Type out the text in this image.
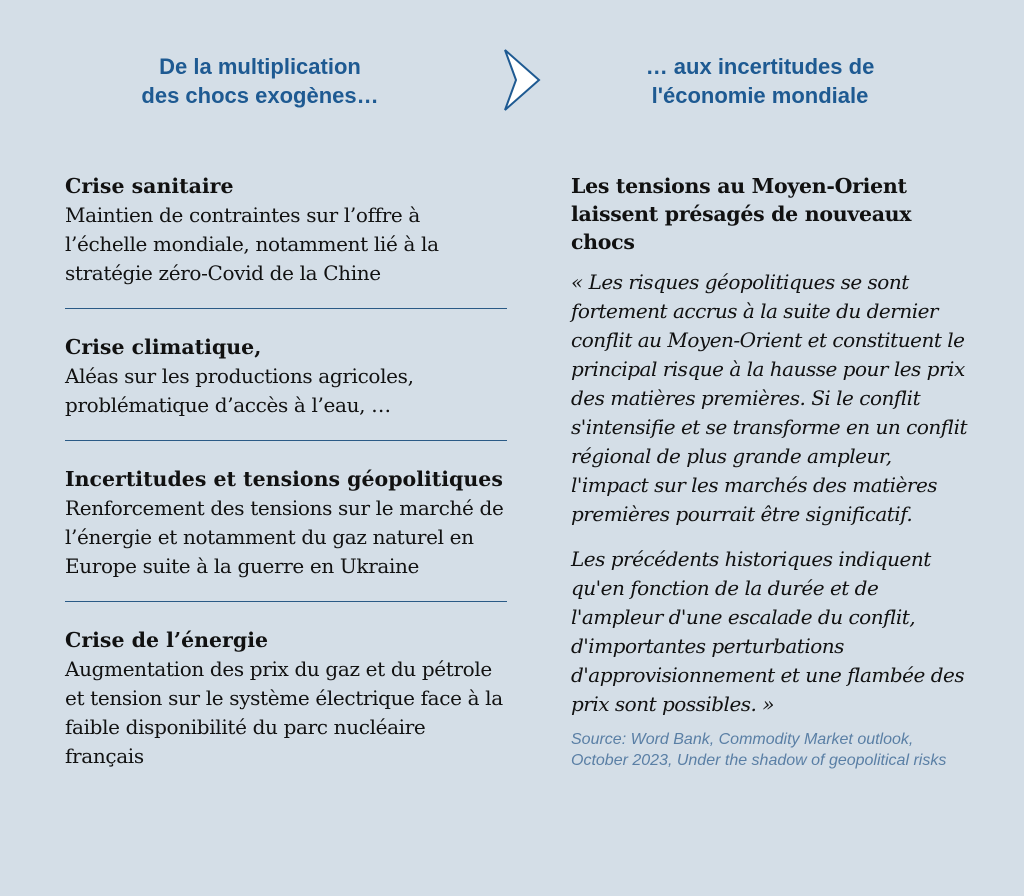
De la multiplication
des chocs exogènes…
… aux incertitudes de
l'économie mondiale
Crise sanitaire
Maintien de contraintes sur l’offre à l’échelle mondiale, notamment lié à la stratégie zéro-Covid de la Chine
Crise climatique,
Aléas sur les productions agricoles, problématique d’accès à l’eau, …
Incertitudes et tensions géopolitiques
Renforcement des tensions sur le marché de l’énergie et notamment du gaz naturel en Europe suite à la guerre en Ukraine
Crise de l’énergie
Augmentation des prix du gaz et du pétrole et tension sur le système électrique face à la faible disponibilité du parc nucléaire français
Les tensions au Moyen-Orient laissent présagés de nouveaux chocs
« Les risques géopolitiques se sont fortement accrus à la suite du dernier conflit au Moyen-Orient et constituent le principal risque à la hausse pour les prix des matières premières. Si le conflit s'intensifie et se transforme en un conflit régional de plus grande ampleur, l'impact sur les marchés des matières premières pourrait être significatif.
Les précédents historiques indiquent qu'en fonction de la durée et de l'ampleur d'une escalade du conflit, d'importantes perturbations d'approvisionnement et une flambée des prix sont possibles. »
Source: Word Bank, Commodity Market outlook, October 2023, Under the shadow of geopolitical risks
